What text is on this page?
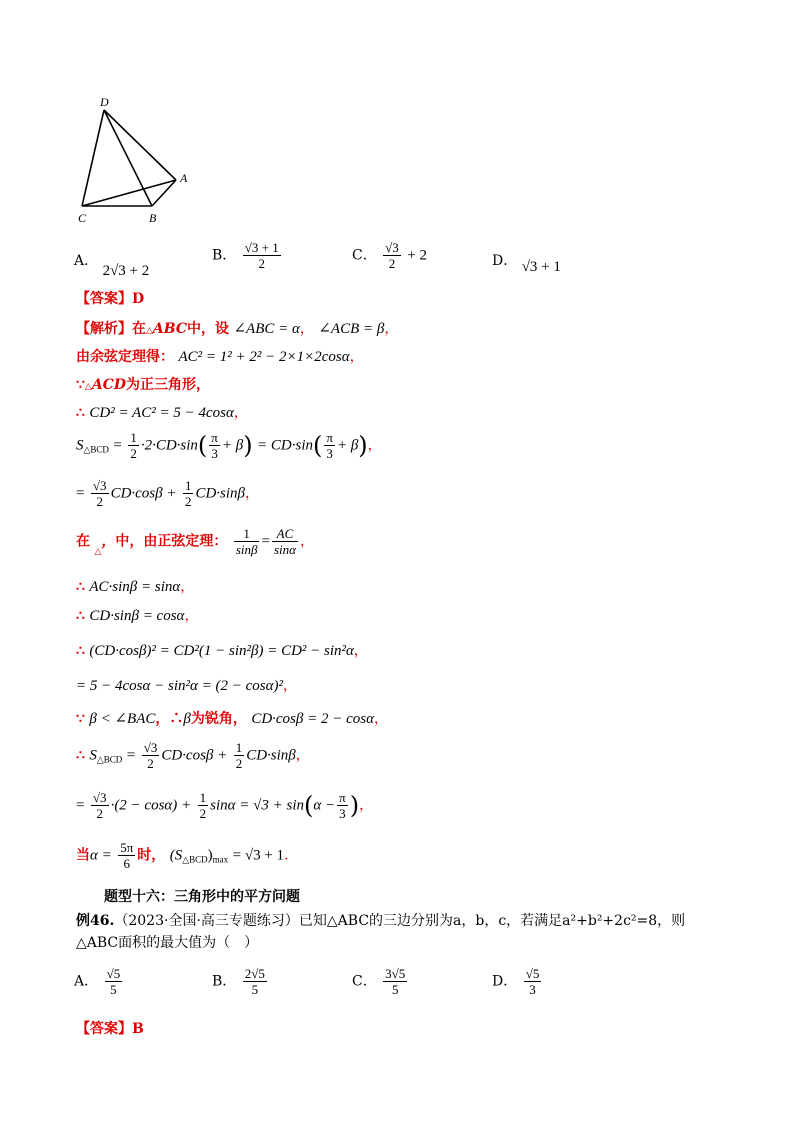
D
A
C	B
A． 2√3 + 2
B． $\frac{√3 + 1}{2}$	C． $\frac{√3}{2} + 2$	D． √3 + 1
【答案】D
【解析】在△ABC中，设 ∠ABC = α， ∠ACB = β，
由余弦定理得： AC² = 1² + 2² − 2×1×2cosα，
∵△ACD为正三角形，
∴ CD² = AC² = 5 − 4cosα，
$S_{\triangle BCD} = \frac{1}{2} \cdot 2\cdot CD\cdot\sin( \frac{\pi}{3} + \beta) = CD\cdot\sin( \frac{\pi}{3} + \beta)$，
= $\frac{√3}{2} CD\cdot\cos\beta + \frac{1}{2} CD\cdot\sin\beta$，
在 $_\triangle$，中，由正弦定理： $\frac{1}{\sin\beta} = \frac{AC}{\sin\alpha}$ ，
∴ AC·sinβ = sinα，
∴ CD·sinβ = cosα，
∴ (CD·cosβ)² = CD²(1 − sin²β) = CD² − sin²α，
= 5 − 4cosα − sin²α = (2 − cosα)²，
∵ β < ∠BAC，∴β为锐角， CD·cosβ = 2 − cosα，
∴ $S_{\triangle BCD} = \frac{√3}{2} CD\cdot\cos\beta + \frac{1}{2} CD\cdot\sin\beta$，
= $\frac{√3}{2} \cdot(2 - \cos\alpha) + \frac{1}{2}$ $\sin\alpha = √3 + \sin(\alpha - \frac{\pi}{3}$ )，
当$\alpha = \frac{5\pi}{6}$ 时， $(S_{\triangle BCD})_{max} = √3 + 1$.
题型十六：三角形中的平方问题
例46.（2023·全国·高三专题练习）已知△ABC的三边分别为a，b，c，若满足a²+b²+2c²=8，则△ABC面积的最大值为（　）
A． $\frac{√5}{5}$	B． $\frac{2√5}{5}$	C． $\frac{3√5}{5}$	D． $\frac{√5}{3}$
【答案】B
